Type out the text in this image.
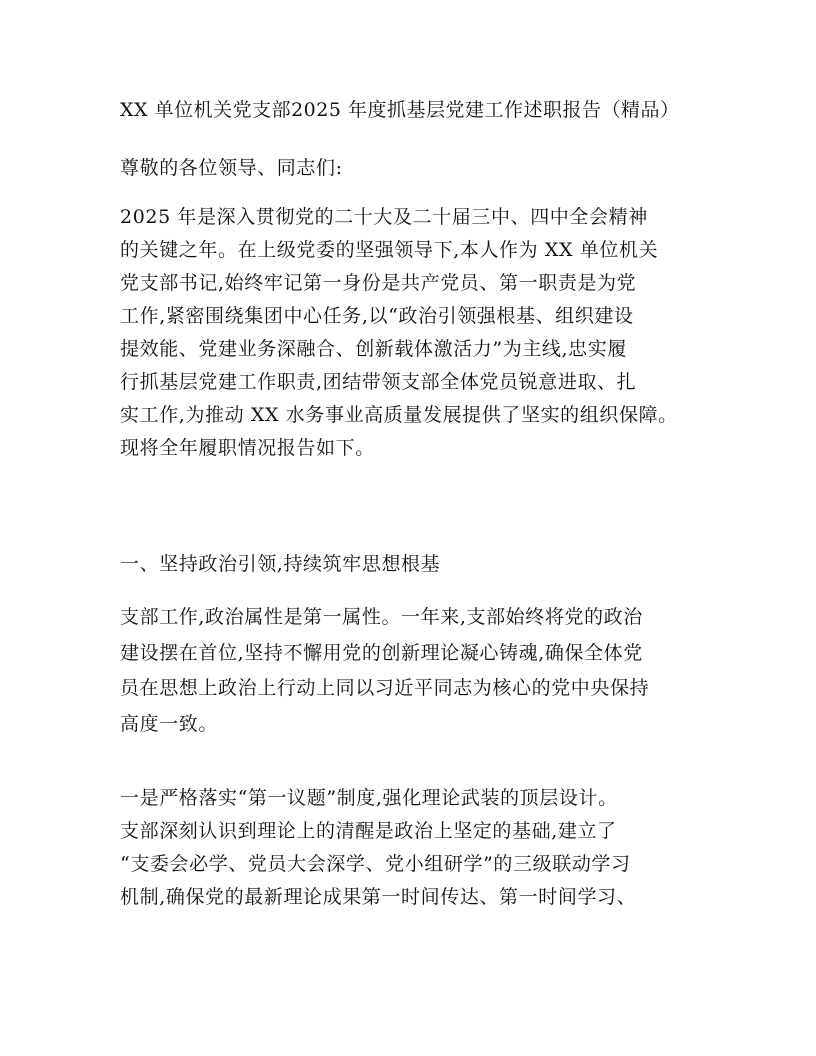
XX 单位机关党支部2025 年度抓基层党建工作述职报告（精品）

尊敬的各位领导、同志们:

2025 年是深入贯彻党的二十大及二十届三中、四中全会精神
的关键之年。在上级党委的坚强领导下,本人作为 XX 单位机关
党支部书记,始终牢记第一身份是共产党员、第一职责是为党
工作,紧密围绕集团中心任务,以“政治引领强根基、组织建设
提效能、党建业务深融合、创新载体激活力”为主线,忠实履
行抓基层党建工作职责,团结带领支部全体党员锐意进取、扎
实工作,为推动 XX 水务事业高质量发展提供了坚实的组织保障。
现将全年履职情况报告如下。

一、坚持政治引领,持续筑牢思想根基

支部工作,政治属性是第一属性。一年来,支部始终将党的政治
建设摆在首位,坚持不懈用党的创新理论凝心铸魂,确保全体党
员在思想上政治上行动上同以习近平同志为核心的党中央保持
高度一致。

一是严格落实“第一议题”制度,强化理论武装的顶层设计。
支部深刻认识到理论上的清醒是政治上坚定的基础,建立了
“支委会必学、党员大会深学、党小组研学”的三级联动学习
机制,确保党的最新理论成果第一时间传达、第一时间学习、
